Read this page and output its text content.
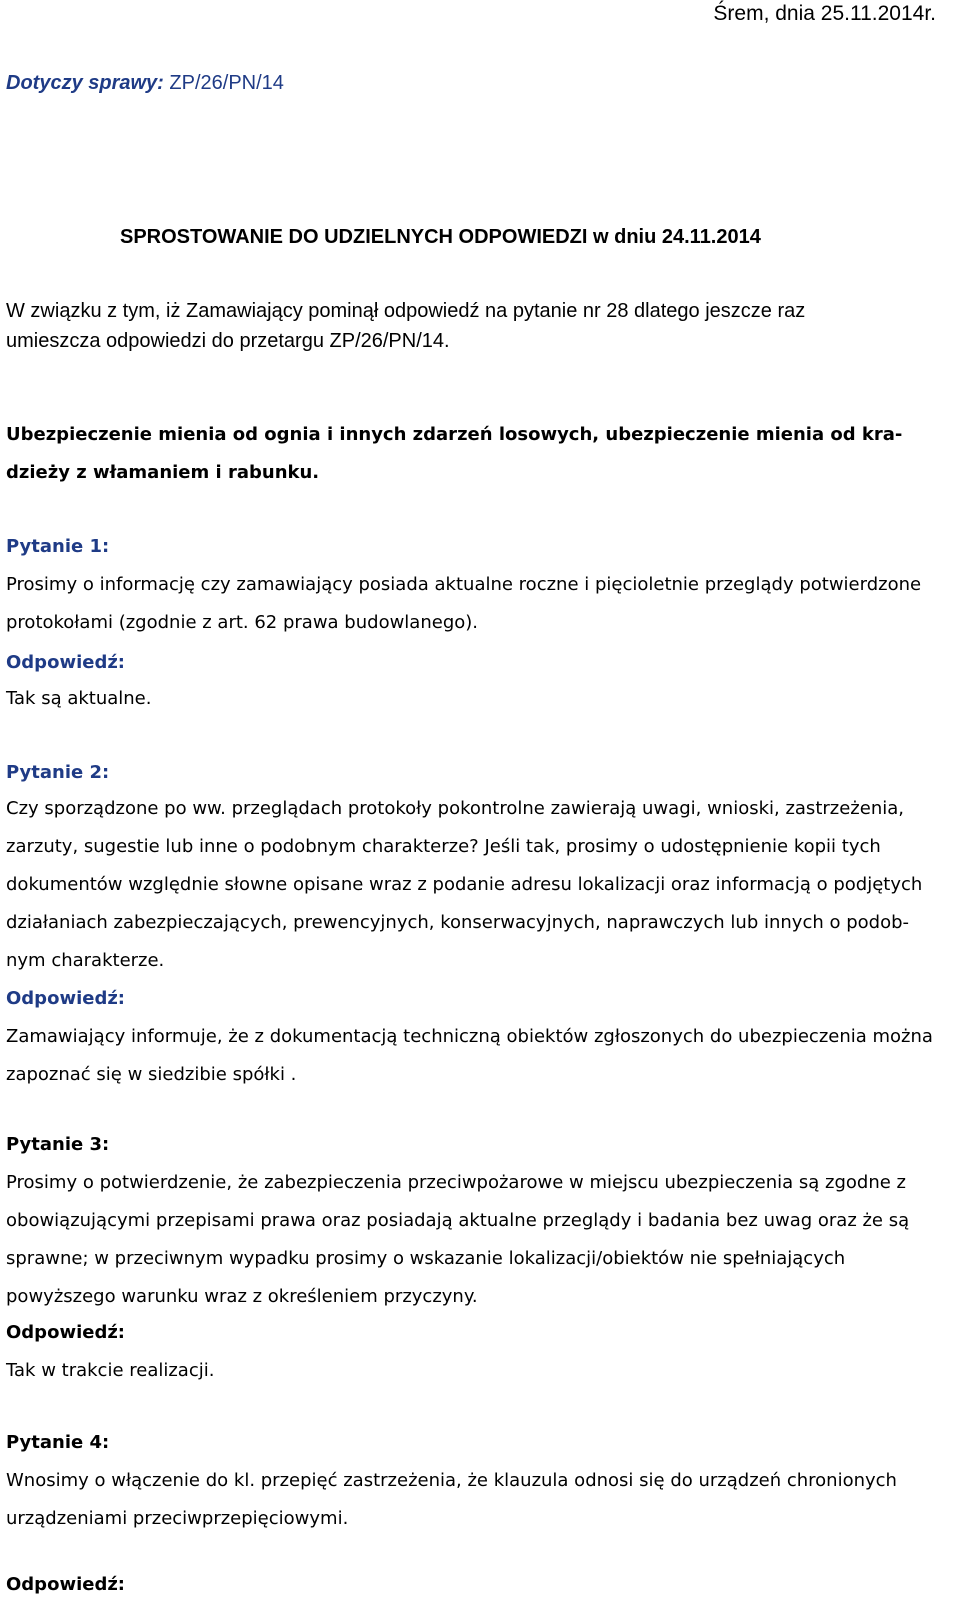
Śrem, dnia 25.11.2014r.
Dotyczy sprawy: ZP/26/PN/14
SPROSTOWANIE DO UDZIELNYCH ODPOWIEDZI w dniu 24.11.2014
W związku z tym, iż Zamawiający pominął odpowiedź na pytanie nr 28 dlatego jeszcze raz
umieszcza odpowiedzi do przetargu ZP/26/PN/14.
Ubezpieczenie mienia od ognia i innych zdarzeń losowych, ubezpieczenie mienia od kra-
dzieży z włamaniem i rabunku.
Pytanie 1:
Prosimy o informację czy zamawiający posiada aktualne roczne i pięcioletnie przeglądy potwierdzone
protokołami (zgodnie z art. 62 prawa budowlanego).
Odpowiedź:
Tak są aktualne.
Pytanie 2:
Czy sporządzone po ww. przeglądach protokoły pokontrolne zawierają uwagi, wnioski, zastrzeżenia,
zarzuty, sugestie lub inne o podobnym charakterze? Jeśli tak, prosimy o udostępnienie kopii tych
dokumentów względnie słowne opisane wraz z podanie adresu lokalizacji oraz informacją o podjętych
działaniach zabezpieczających, prewencyjnych, konserwacyjnych, naprawczych lub innych o podob-
nym charakterze.
Odpowiedź:
Zamawiający informuje, że z dokumentacją techniczną obiektów zgłoszonych do ubezpieczenia można
zapoznać się w siedzibie spółki .
Pytanie 3:
Prosimy o potwierdzenie, że zabezpieczenia przeciwpożarowe w miejscu ubezpieczenia są zgodne z
obowiązującymi przepisami prawa oraz posiadają aktualne przeglądy i badania bez uwag oraz że są
sprawne; w przeciwnym wypadku prosimy o wskazanie lokalizacji/obiektów nie spełniających
powyższego warunku wraz z określeniem przyczyny.
Odpowiedź:
Tak w trakcie realizacji.
Pytanie 4:
Wnosimy o włączenie do kl. przepięć zastrzeżenia, że klauzula odnosi się do urządzeń chronionych
urządzeniami przeciwprzepięciowymi.
Odpowiedź:
